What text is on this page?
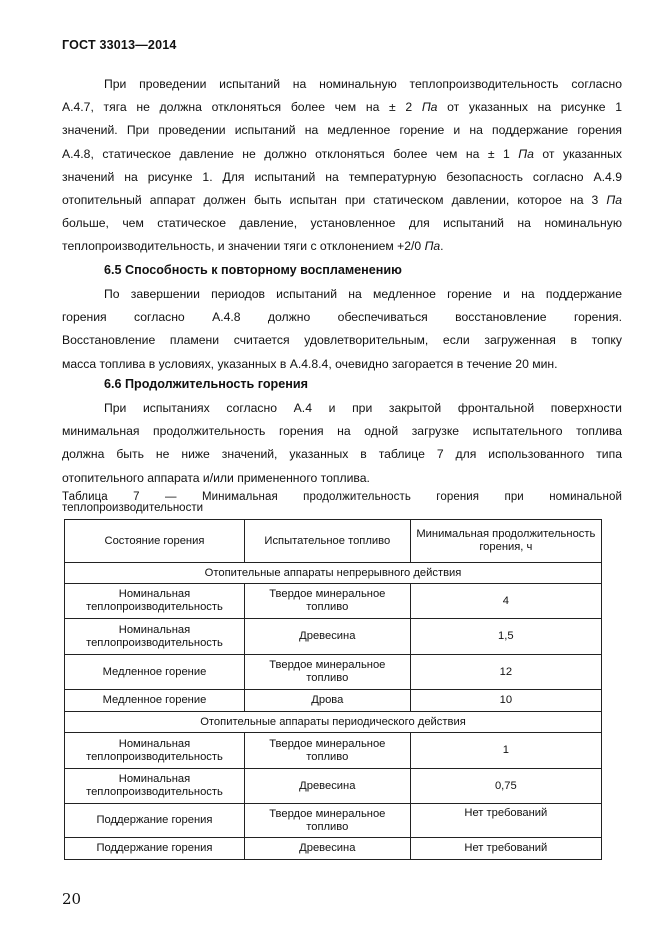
ГОСТ 33013—2014
При проведении испытаний на номинальную теплопроизводительность согласно
А.4.7, тяга не должна отклоняться более чем на ± 2 Па от указанных на рисунке 1
значений. При проведении испытаний на медленное горение и на поддержание горения
А.4.8, статическое давление не должно отклоняться более чем на ± 1 Па от указанных
значений на рисунке 1. Для испытаний на температурную безопасность согласно А.4.9
отопительный аппарат должен быть испытан при статическом давлении, которое на 3 Па
больше, чем статическое давление, установленное для испытаний на номинальную
теплопроизводительность, и значении тяги с отклонением +2/0 Па.
6.5 Способность к повторному воспламенению
По завершении периодов испытаний на медленное горение и на поддержание
горения согласно А.4.8 должно обеспечиваться восстановление горения.
Восстановление пламени считается удовлетворительным, если загруженная в топку
масса топлива в условиях, указанных в А.4.8.4, очевидно загорается в течение 20 мин.
6.6 Продолжительность горения
При испытаниях согласно А.4 и при закрытой фронтальной поверхности
минимальная продолжительность горения на одной загрузке испытательного топлива
должна быть не ниже значений, указанных в таблице 7 для использованного типа
отопительного аппарата и/или примененного топлива.
Таблица 7 — Минимальная продолжительность горения при номинальной
теплопроизводительности
Состояние горения	Испытательное топливо	Минимальная продолжительность горения, ч
Отопительные аппараты непрерывного действия		
Номинальная теплопроизводительность	Твердое минеральное топливо	4
Номинальная теплопроизводительность	Древесина	1,5
Медленное горение	Твердое минеральное топливо	12
Медленное горение	Дрова	10
Отопительные аппараты периодического действия		
Номинальная теплопроизводительность	Твердое минеральное топливо	1
Номинальная теплопроизводительность	Древесина	0,75
Поддержание горения	Твердое минеральное топливо	Нет требований
Поддержание горения	Древесина	Нет требований
20
